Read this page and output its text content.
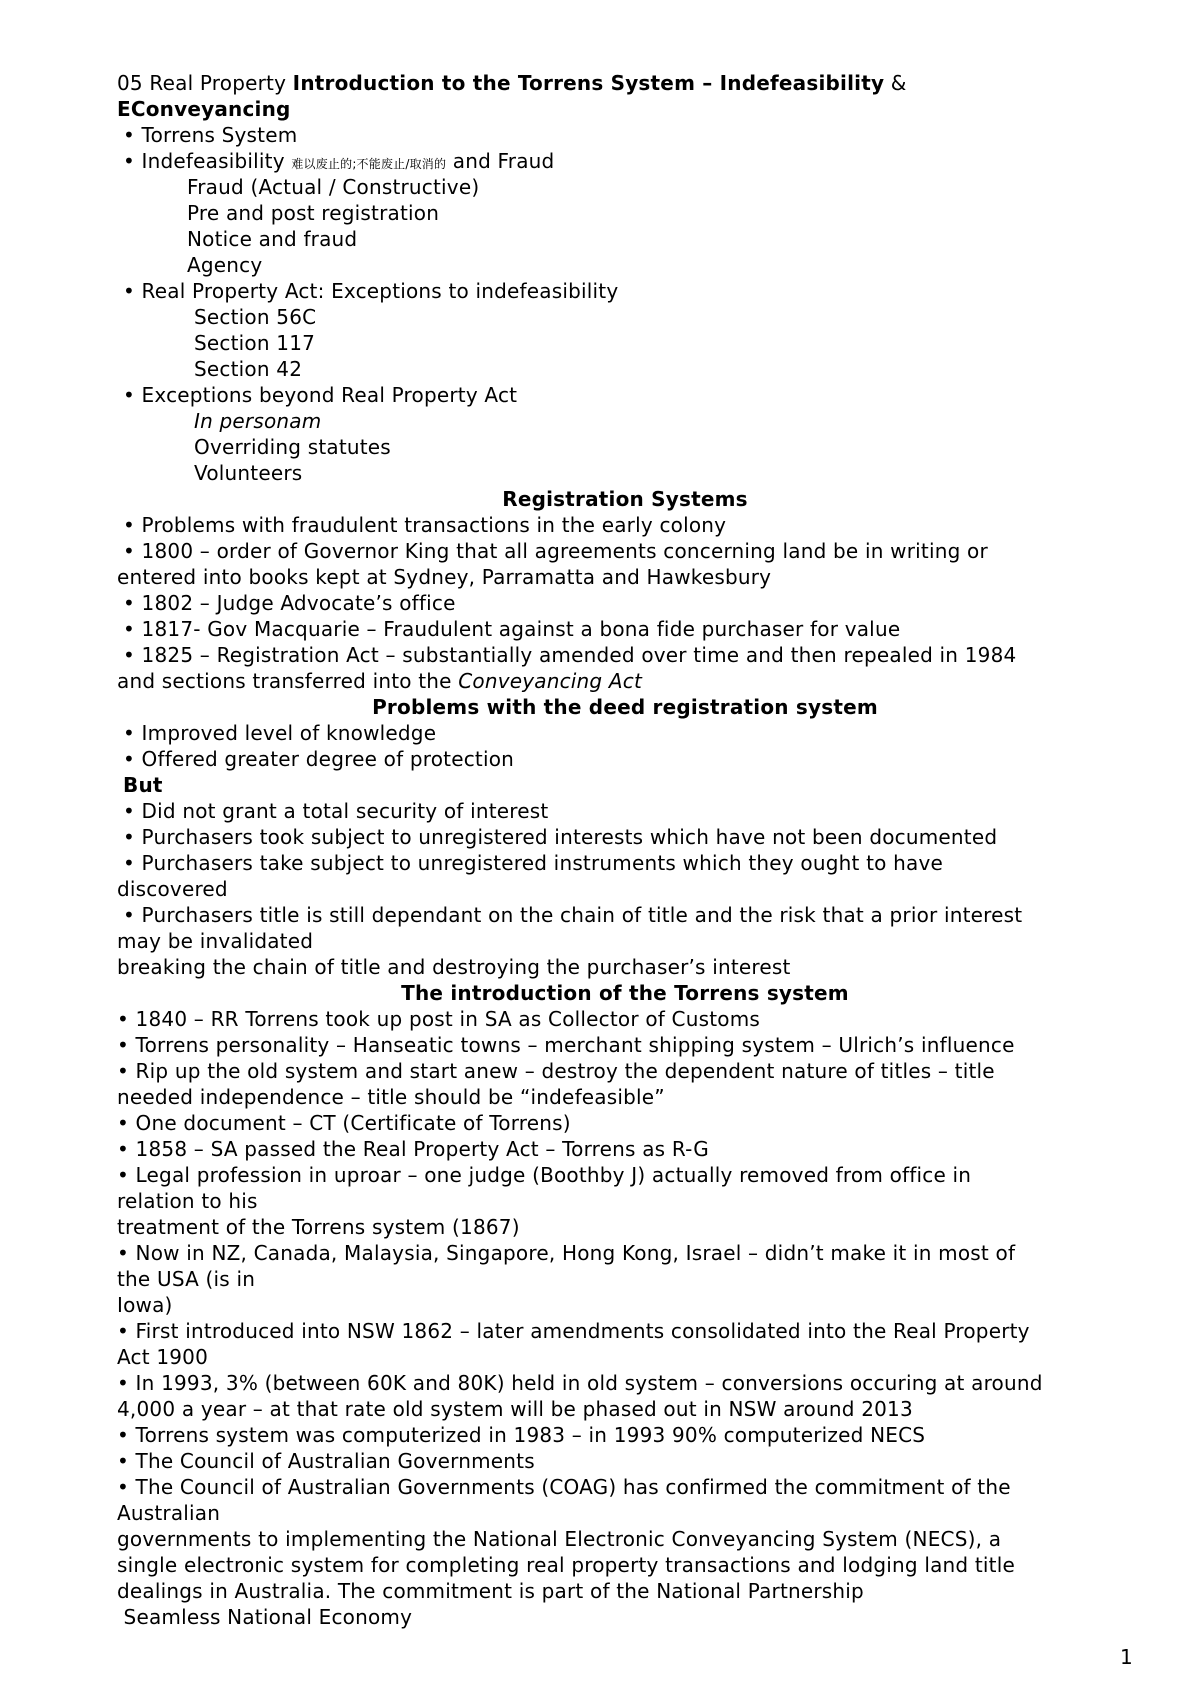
05 Real Property Introduction to the Torrens System – Indefeasibility &
EConveyancing
• Torrens System
• Indefeasibility 难以废止的;不能废止/取消的 and Fraud
Fraud (Actual / Constructive)
Pre and post registration
Notice and fraud
Agency
• Real Property Act: Exceptions to indefeasibility
Section 56C
Section 117
Section 42
• Exceptions beyond Real Property Act
In personam
Overriding statutes
Volunteers
Registration Systems
• Problems with fraudulent transactions in the early colony
• 1800 – order of Governor King that all agreements concerning land be in writing or
entered into books kept at Sydney, Parramatta and Hawkesbury
• 1802 – Judge Advocate’s office
• 1817- Gov Macquarie – Fraudulent against a bona fide purchaser for value
• 1825 – Registration Act – substantially amended over time and then repealed in 1984
and sections transferred into the Conveyancing Act
Problems with the deed registration system
• Improved level of knowledge
• Offered greater degree of protection
But
• Did not grant a total security of interest
• Purchasers took subject to unregistered interests which have not been documented
• Purchasers take subject to unregistered instruments which they ought to have
discovered
• Purchasers title is still dependant on the chain of title and the risk that a prior interest
may be invalidated
breaking the chain of title and destroying the purchaser’s interest
The introduction of the Torrens system
• 1840 – RR Torrens took up post in SA as Collector of Customs
• Torrens personality – Hanseatic towns – merchant shipping system – Ulrich’s influence
• Rip up the old system and start anew – destroy the dependent nature of titles – title
needed independence – title should be “indefeasible”
• One document – CT (Certificate of Torrens)
• 1858 – SA passed the Real Property Act – Torrens as R-G
• Legal profession in uproar – one judge (Boothby J) actually removed from office in
relation to his
treatment of the Torrens system (1867)
• Now in NZ, Canada, Malaysia, Singapore, Hong Kong, Israel – didn’t make it in most of
the USA (is in
Iowa)
• First introduced into NSW 1862 – later amendments consolidated into the Real Property
Act 1900
• In 1993, 3% (between 60K and 80K) held in old system – conversions occuring at around
4,000 a year – at that rate old system will be phased out in NSW around 2013
• Torrens system was computerized in 1983 – in 1993 90% computerized NECS
• The Council of Australian Governments
• The Council of Australian Governments (COAG) has confirmed the commitment of the
Australian
governments to implementing the National Electronic Conveyancing System (NECS), a
single electronic system for completing real property transactions and lodging land title
dealings in Australia. The commitment is part of the National Partnership
Seamless National Economy
1
